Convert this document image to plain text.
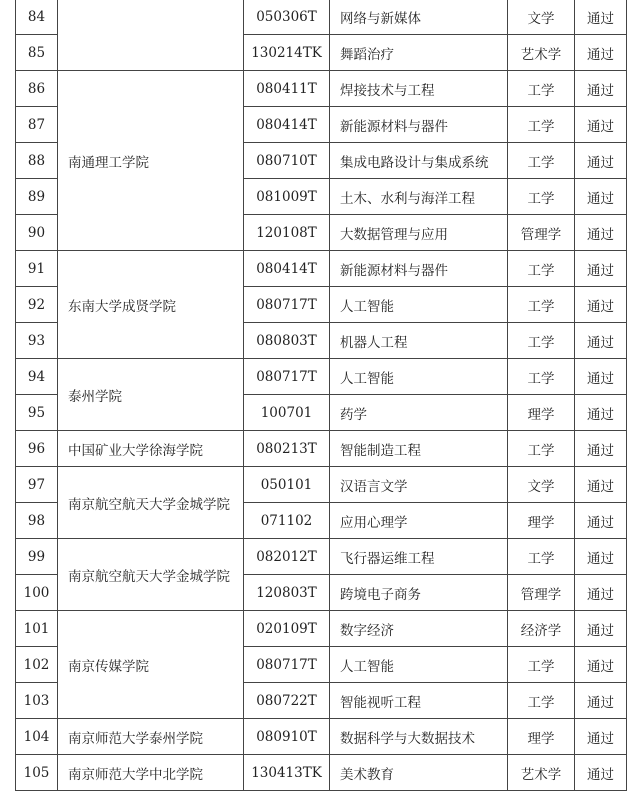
84		050306T	网络与新媒体	文学	通过
85		130214TK	舞蹈治疗	艺术学	通过
86	南通理工学院	080411T	焊接技术与工程	工学	通过
87		080414T	新能源材料与器件	工学	通过
88		080710T	集成电路设计与集成系统	工学	通过
89		081009T	土木、水利与海洋工程	工学	通过
90		120108T	大数据管理与应用	管理学	通过
91	东南大学成贤学院	080414T	新能源材料与器件	工学	通过
92		080717T	人工智能	工学	通过
93		080803T	机器人工程	工学	通过
94	泰州学院	080717T	人工智能	工学	通过
95		100701	药学	理学	通过
96	中国矿业大学徐海学院	080213T	智能制造工程	工学	通过
97	南京航空航天大学金城学院	050101	汉语言文学	文学	通过
98		071102	应用心理学	理学	通过
99	南京航空航天大学金城学院	082012T	飞行器运维工程	工学	通过
100		120803T	跨境电子商务	管理学	通过
101	南京传媒学院	020109T	数字经济	经济学	通过
102		080717T	人工智能	工学	通过
103		080722T	智能视听工程	工学	通过
104	南京师范大学泰州学院	080910T	数据科学与大数据技术	理学	通过
105	南京师范大学中北学院	130413TK	美术教育	艺术学	通过
